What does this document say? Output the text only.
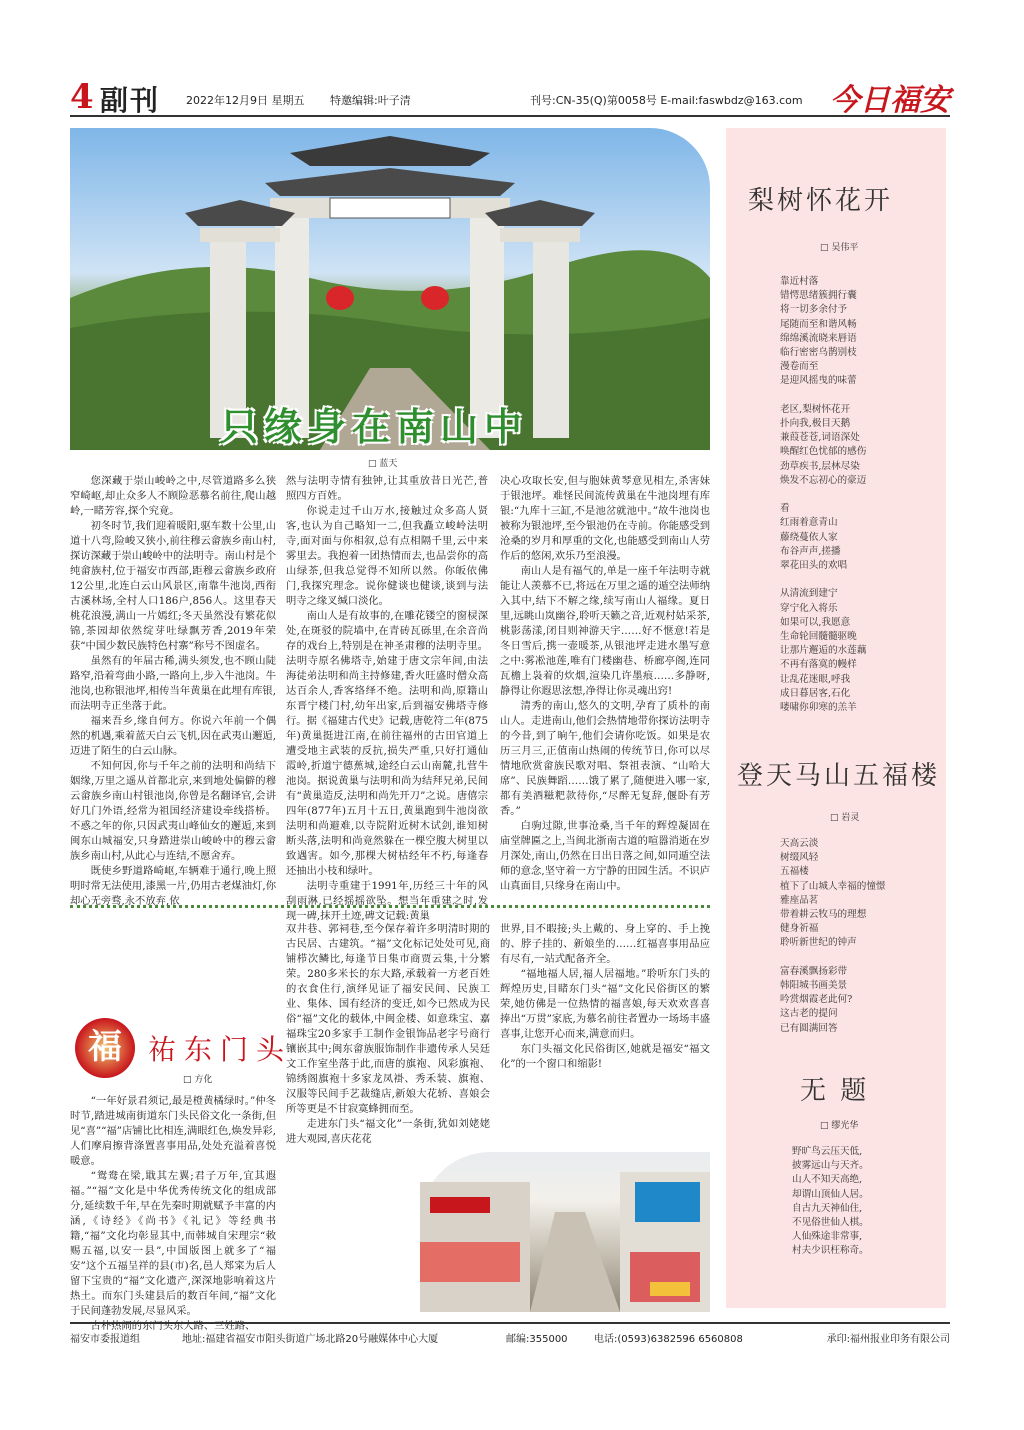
4 副刊 2022年12月9日 星期五 特邀编辑:叶子清	刊号:CN-35(Q)第0058号 E-mail:faswbdz@163.com 今日福安
只缘身在南山中
□ 蓝天

您深藏于崇山峻岭之中,尽管道路多么狭窄崎岖,却止众多人不顾险恶慕名前往,爬山越岭,一睹芳容,探个究竟。

初冬时节,我们迎着暖阳,驱车数十公里,山道十八弯,险峻又狭小,前往穆云畲族乡南山村,探访深藏于崇山峻岭中的法明寺。南山村是个纯畲族村,位于福安市西部,距穆云畲族乡政府12公里,北连白云山风景区,南靠牛池岗,西衔古溪林场,全村人口186户,856人。这里春天桃花浪漫,满山一片嫣红;冬天虽然没有繁花似锦,茶园却依然绽芽吐绿飘芳香,2019年荣获“中国少数民族特色村寨”称号不图虚名。

虽然有的年届古稀,满头须发,也不顾山陡路窄,沿着弯曲小路,一路向上,步入牛池岗。牛池岗,也称银池坪,相传当年黄巢在此埋有库银,而法明寺正坐落于此。

福来吾乡,缘自何方。你说六年前一个偶然的机遇,乘着蓝天白云飞机,因在武夷山邂逅,迈进了陌生的白云山脉。

不知何因,你与千年之前的法明和尚结下姻缘,万里之遥从首都北京,来到地处偏僻的穆云畲族乡南山村银池岗,你曾是名翻译官,会讲好几门外语,经常为祖国经济建设牵线搭桥。不惑之年的你,只因武夷山峰仙女的邂逅,来到闽东山城福安,只身踏进崇山峻岭中的穆云畲族乡南山村,从此心与连结,不愿舍弃。

既使乡野道路崎岖,车辆难于通行,晚上照明时常无法使用,漆黑一片,仍用古老煤油灯,你却心无旁骛,永不放弃,依

然与法明寺情有独钟,让其重放昔日光芒,普照四方百姓。

你说走过千山万水,接触过众多高人贤客,也认为自己略知一二,但我矗立峻岭法明寺,面对面与你相叙,总有点相隔千里,云中来雾里去。我抱着一团热情而去,也品尝你的高山绿茶,但我总觉得不知所以然。你皈依佛门,我探究理念。说你健谈也健谈,谈到与法明寺之缘叉缄口淡化。

南山人是有故事的,在雕花镂空的窗棂深处,在斑驳的院墙中,在青砖瓦砾里,在余音尚存的戏台上,特别是在神圣肃穆的法明寺里。法明寺原名佛塔寺,始建于唐文宗年间,由法海徒弟法明和尚主持修建,香火旺盛时僧众高达百余人,香客络绎不绝。法明和尚,原籍山东晋宁楼门村,幼年出家,后到福安佛塔寺修行。据《福建古代史》记载,唐乾符二年(875年)黄巢挺进江南,在前往福州的古田官道上遭受地主武装的反抗,损失严重,只好打通仙霞岭,折道宁德蕉城,途经白云山南麓,扎营牛池岗。据说黄巢与法明和尚为结拜兄弟,民间有“黄巢造反,法明和尚先开刀”之说。唐僖宗四年(877年)五月十五日,黄巢跑到牛池岗欲法明和尚避难,以寺院附近树木试剑,谁知树断头落,法明和尚竟然躲在一棵空腹大树里以致遇害。如今,那棵大树枯经年不朽,每逢春还抽出小枝和绿叶。

法明寺重建于1991年,历经三十年的风刮雨淋,已经摇摇欲坠。想当年重建之时,发现一碑,抹开土迹,碑文记载:黄巢

决心攻取长安,但与胞妹黄琴意见相左,杀害妹于银池坪。难怪民间流传黄巢在牛池岗埋有库银:“九库十三缸,不是池岔就池中。”故牛池岗也被称为银池坪,至今银池仍在寺前。你能感受到沧桑的岁月和厚重的文化,也能感受到南山人劳作后的悠闲,欢乐乃至浪漫。

南山人是有福气的,单是一座千年法明寺就能让人羡慕不已,将远在万里之遥的遁空法师纳入其中,结下不解之缘,续写南山人福缘。夏日里,远眺山岚幽谷,聆听天籁之音,近观村姑采茶,桃影荡漾,闭目则神游天宇……好不惬意!若是冬日雪后,携一壶暖茶,从银池坪走进水墨写意之中:雾凇池莲,唯有门楼幽巷、桥廊亭阁,连同瓦檐上袅着的炊烟,渲染几许墨痕……多静呀,静得让你遐思泫想,净得让你灵魂出窍!

清秀的南山,悠久的文明,孕育了质朴的南山人。走进南山,他们会热情地带你探访法明寺的今昔,到了晌午,他们会请你吃饭。如果是农历三月三,正值南山热闹的传统节日,你可以尽情地欣赏畲族民歌对唱、祭祖表演、“山哈大席”、民族舞蹈……饿了累了,随便进入哪一家,都有美酒糍粑款待你,“尽醉无复辞,偃卧有芳香。”

白驹过隙,世事沧桑,当千年的辉煌凝固在庙堂牌匾之上,当闽北浙南古道的喧嚣消逝在岁月深处,南山,仍然在日出日落之间,如同遁空法师的意念,坚守着一方宁静的田园生活。不识庐山真面目,只缘身在南山中。

福 祐东门头
□ 方化

“一年好景君须记,最是橙黄橘绿时。”仲冬时节,踏进城南街道东门头民俗文化一条街,但见“喜”“福”店铺比比相连,满眼红色,焕发异彩,人们摩肩擦背涤置喜事用品,处处充溢着喜悦暖意。

“鸳鸯在梁,戢其左翼;君子万年,宜其遐福。”“福”文化是中华优秀传统文化的组成部分,延续数千年,早在先秦时期就赋予丰富的内涵,《诗经》《尚书》《礼记》等经典书籍,“福”文化均彰显其中,而韩城自宋理宗“敕赐五福,以安一县”,中国版图上就多了“福安”这个五福呈祥的县(市)名,邑人郑寀为后人留下宝贵的“福”文化遗产,深深地影响着这片热土。而东门头建县后的数百年间,“福”文化于民间蓬勃发展,尽显风采。

古朴热闹的东门头东大路、三姓路、

双井巷、郭祠巷,至今保存着许多明清时期的古民居、古建筑。“福”文化标记处处可见,商铺栉次鳞比,每逢节日集市商贾云集,十分繁荣。280多米长的东大路,承载着一方老百姓的衣食住行,演绎见证了福安民间、民族工业、集体、国有经济的变迁,如今已然成为民俗“福”文化的载体,中闽金楼、如意珠宝、嘉福珠宝20多家手工制作金银饰品老字号商行镶嵌其中;闽东畲族服饰制作非遗传承人吴廷文工作室坐落于此,而唐的旗袍、风彩旗袍、锦绣阁旗袍十多家龙凤褂、秀禾装、旗袍、汉服等民间手艺裁缝店,新娘大花轿、喜娘会所等更是不甘寂寞蜂拥而至。

走进东门头“福文化”一条街,犹如刘姥姥进大观园,喜庆花花

世界,目不暇接;头上戴的、身上穿的、手上挽的、脖子挂的、新娘坐的……红福喜事用品应有尽有,一站式配备齐全。

“福地福人居,福人居福地。”聆听东门头的辉煌历史,目睹东门头“福”文化民俗街区的繁荣,她仿佛是一位热情的福喜娘,每天欢欢喜喜捧出“万贯”家底,为慕名前往者置办一场场丰盛喜事,让您开心而来,满意而归。

东门头福文化民俗街区,她就是福安“福文化”的一个窗口和缩影!

梨树怀花开
□ 吴伟平
靠近村落
错愕思绪簇拥行囊
将一切多余付予
尾随而至和谐风畅
绵绵溪流晓来唇语
临行密密乌鹊别枝
漫卷而至
是迎风摇曳的味蕾

老区,梨树怀花开
扑向我,极目天鹅
兼葭苍苍,词语深处
唤醒红色忧郁的感伤
劲草疾书,层林尽染
焕发不忘初心的豪迈

看
红雨着意青山
藤绕蔓依人家
布谷声声,搓播
翠花田头的欢唱

从清流到建宁
穿宁化入将乐
如果可以,我愿意
生命轮回髓髓驱晚
让那片邂逅的水莲藕
不再有落寞的幔样
让乱花迷眼,呼我
成日暮居客,石化
喽啸你卯寒的羔羊
登天马山五福楼
□ 岩灵
天高云淡
树缀风轻
五福楼
植下了山城人幸福的憧憬
雅座品茗
带着耕云牧马的理想
健身祈福
聆听新世纪的钟声

富春溪飘扬彩带
韩阳城书画美景
吟赏烟霞老此何?
这古老的提问
已有圆满回答
无 题
□ 缪光华
野旷鸟云压天低,
披雾远山与天齐。
山人不知天高绝,
却谓山顶仙人居。
自古九天神仙住,
不见俗世仙人棋。
人仙殊途非常事,
村夫少识枉称奇。
福安市委报道组	地址:福建省福安市阳头街道广场北路20号融媒体中心大厦	邮编:355000	电话:(0593)6382596 6560808	承印:福州报业印务有限公司
